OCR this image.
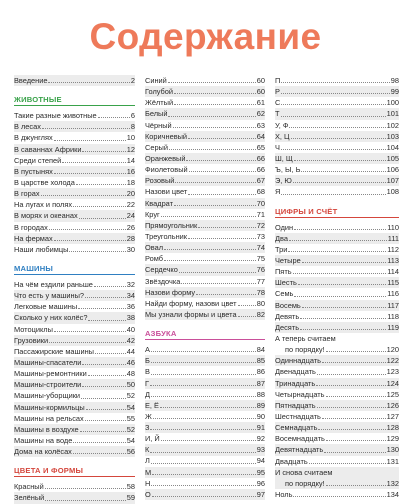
Содержание
Введение	2
ЖИВОТНЫЕ
Такие разные животные	6
В лесах	8
В джунглях	10
В саваннах Африки	12
Среди степей	14
В пустынях	16
В царстве холода	18
В горах	20
На лугах и полях	22
В морях и океанах	24
В городах	26
На фермах	28
Наши любимцы	30
МАШИНЫ
На чём ездили раньше	32
Что есть у машины?	34
Легковые машины	36
Сколько у них колёс?	38
Мотоциклы	40
Грузовики	42
Пассажирские машины	44
Машины-спасатели	46
Машины-ремонтники	48
Машины-строители	50
Машины-уборщики	52
Машины-кормильцы	54
Машины на рельсах	55
Машины в воздухе	52
Машины на воде	54
Дома на колёсах	56
ЦВЕТА И ФОРМЫ
Красный	58
Зелёный	59
Синий	60
Голубой	60
Жёлтый	61
Белый	62
Чёрный	63
Коричневый	64
Серый	65
Оранжевый	66
Фиолетовый	66
Розовый	67
Назови цвет	68
Квадрат	70
Круг	71
Прямоугольник	72
Треугольник	73
Овал	74
Ромб	75
Сердечко	76
Звёздочка	77
Назови форму	78
Найди форму, назови цвет	80
Мы узнали формы и цвета	82
АЗБУКА
А	84
Б	85
В	86
Г	87
Д	88
Е, Ё	89
Ж	90
З	91
И, Й	92
К	93
Л	94
М	95
Н	96
О	97
П	98
Р	99
С	100
Т	101
У, Ф	102
Х, Ц	103
Ч	104
Ш, Щ	105
Ъ, Ы, Ь	106
Э, Ю	107
Я	108
ЦИФРЫ И СЧЁТ
Один	110
Два	111
Три	112
Четыре	113
Пять	114
Шесть	115
Семь	116
Восемь	117
Девять	118
Десять	119
А теперь считаем
по порядку!	120
Одиннадцать	122
Двенадцать	123
Тринадцать	124
Четырнадцать	125
Пятнадцать	126
Шестнадцать	127
Семнадцать	128
Восемнадцать	129
Девятнадцать	130
Двадцать	131
И снова считаем
по порядку!	132
Ноль	134
